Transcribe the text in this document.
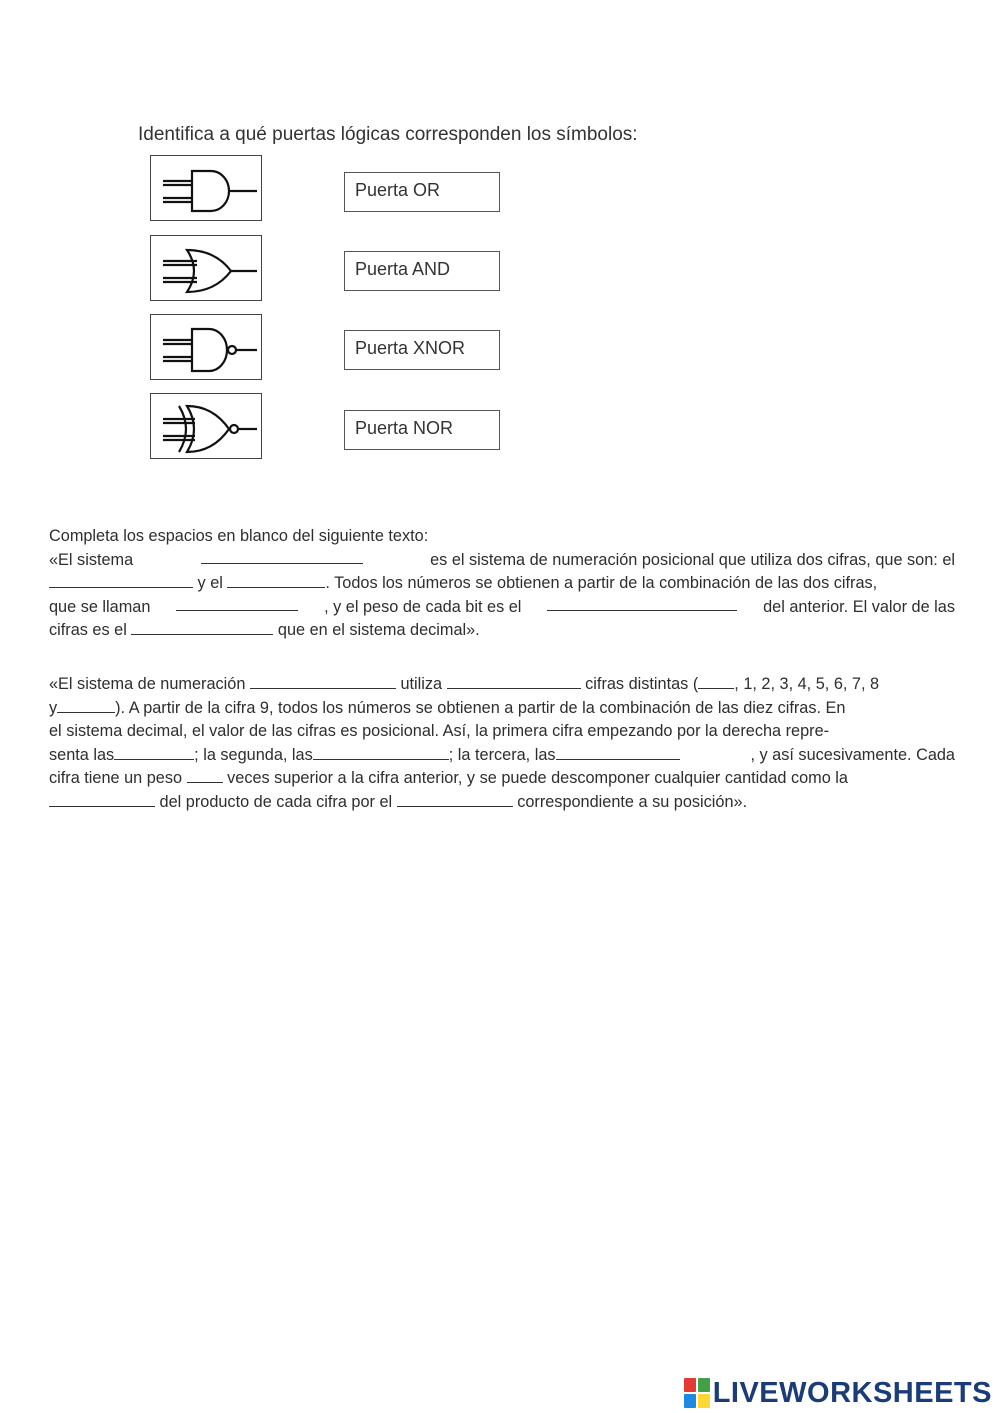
Identifica a qué puertas lógicas corresponden los símbolos:
Puerta OR
Puerta AND
Puerta XNOR
Puerta NOR
Completa los espacios en blanco del siguiente texto:
«El sistema	es el sistema de numeración posicional que utiliza dos cifras, que son: el
y el	. Todos los números se obtienen a partir de la combinación de las dos cifras,
que se llaman	, y el peso de cada bit es el	del anterior. El valor de las
cifras es el	que en el sistema decimal».
«El sistema de numeración	utiliza	cifras distintas ( , 1, 2, 3, 4, 5, 6, 7, 8
y	). A partir de la cifra 9, todos los números se obtienen a partir de la combinación de las diez cifras. En
el sistema decimal, el valor de las cifras es posicional. Así, la primera cifra empezando por la derecha repre-
senta las	; la segunda, las	; la tercera, las	, y así sucesivamente. Cada
cifra tiene un peso	veces superior a la cifra anterior, y se puede descomponer cualquier cantidad como la
del producto de cada cifra por el	correspondiente a su posición».
LIVEWORKSHEETS
